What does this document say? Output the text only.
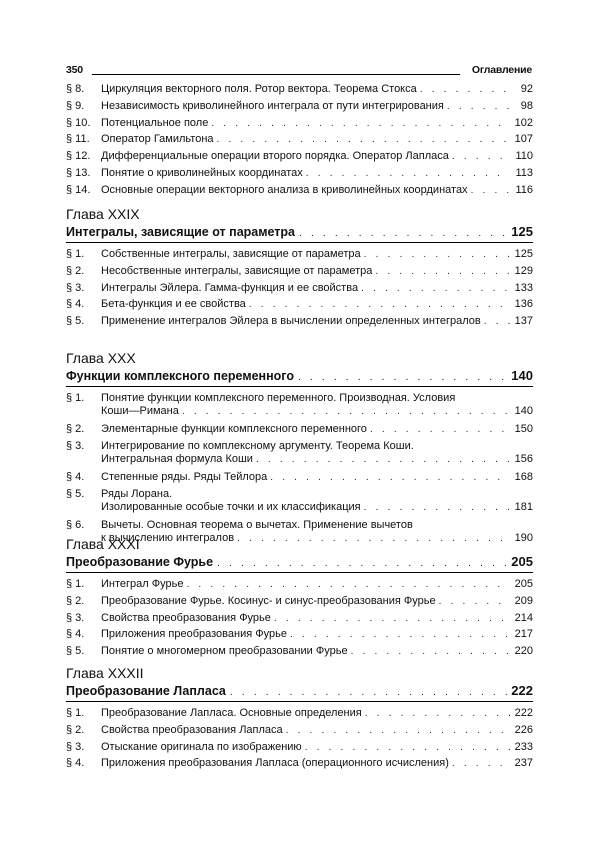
350	Оглавление
§ 8.	Циркуляция векторного поля. Ротор вектора. Теорема Стокса . . .	92
§ 9.	Независимость криволинейного интеграла от пути интегрирования . . .	98
§ 10. Потенциальное поле . . .	102
§ 11.	Оператор Гамильтона . . .	107
§ 12. Дифференциальные операции второго порядка. Оператор Лапласа . . .	110
§ 13. Понятие о криволинейных координатах . . .	113
§ 14. Основные операции векторного анализа в криволинейных координатах . . .	116
Глава XXIX
Интегралы, зависящие от параметра . . .	125
§ 1.	Собственные интегралы, зависящие от параметра . . .	125
§ 2.	Несобственные интегралы, зависящие от параметра . . .	129
§ 3.	Интегралы Эйлера. Гамма-функция и ее свойства . . .	133
§ 4.	Бета-функция и ее свойства . . .	136
§ 5.	Применение интегралов Эйлера в вычислении определенных интегралов . . .	137
Глава XXX
Функции комплексного переменного . . .	140
§ 1.	Понятие функции комплексного переменного. Производная. Условия
Коши—Римана . . .	140
§ 2.	Элементарные функции комплексного переменного . . .	150
§ 3.	Интегрирование по комплексному аргументу. Теорема Коши.
Интегральная формула Коши . . .	156
§ 4.	Степенные ряды. Ряды Тейлора . . .	168
§ 5.	Ряды Лорана.
Изолированные особые точки и их классификация . . .	181
§ 6.	Вычеты. Основная теорема о вычетах. Применение вычетов
к вычислению интегралов . . .	190
Глава XXXI
Преобразование Фурье . . .	205
§ 1.	Интеграл Фурье . . .	205
§ 2.	Преобразование Фурье. Косинус- и синус-преобразования Фурье . . .	209
§ 3.	Свойства преобразования Фурье . . .	214
§ 4.	Приложения преобразования Фурье . . .	217
§ 5.	Понятие о многомерном преобразовании Фурье . . .	220
Глава XXXII
Преобразование Лапласа . . .	222
§ 1.	Преобразование Лапласа. Основные определения . . .	222
§ 2.	Свойства преобразования Лапласа . . .	226
§ 3.	Отыскание оригинала по изображению . . .	233
§ 4.	Приложения преобразования Лапласа (операционного исчисления) . . .	237
